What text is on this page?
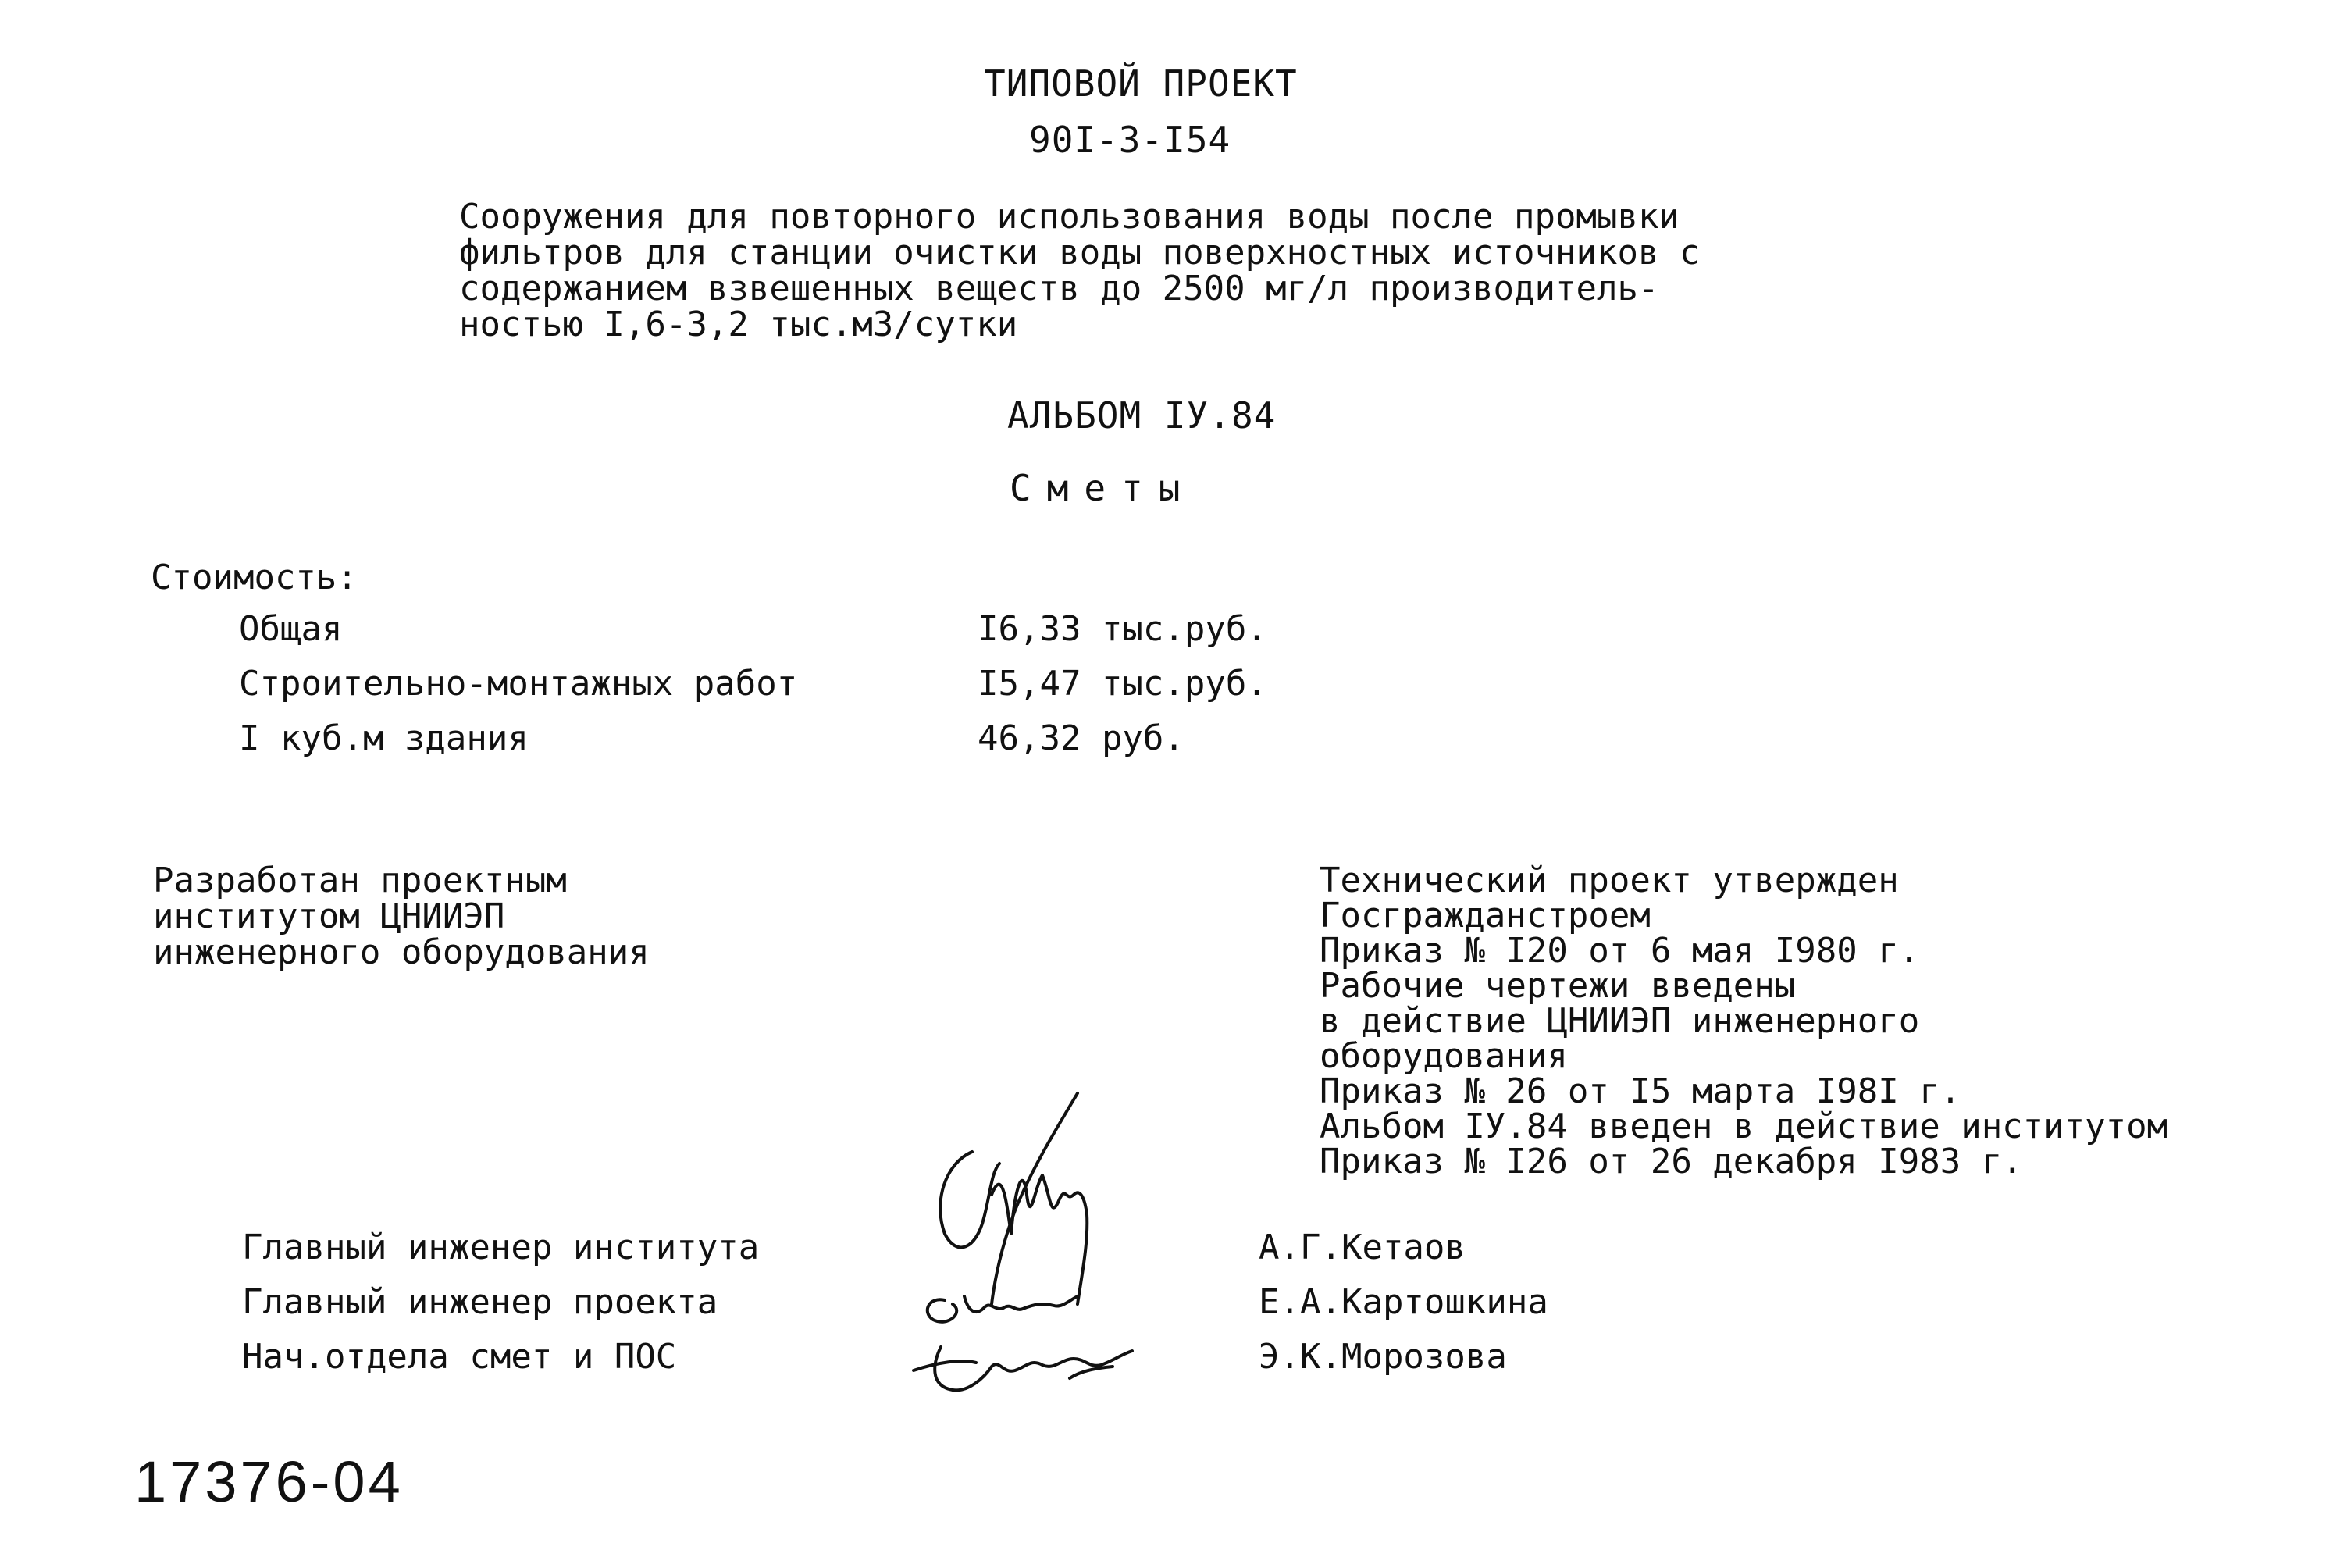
ТИПОВОЙ ПРОЕКТ
90I-3-I54
Сооружения для повторного использования воды после промывки
фильтров для станции очистки воды поверхностных источников с
содержанием взвешенных веществ до 2500 мг/л производитель-
ностью I,6-3,2 тыс.м3/сутки
АЛЬБОМ IУ.84
Сметы
Стоимость:
Общая	I6,33 тыс.руб.
Строительно-монтажных работ	I5,47 тыс.руб.
I куб.м здания	46,32 руб.
Разработан проектным
институтом ЦНИИЭП
инженерного оборудования
Технический проект утвержден
Госгражданстроем
Приказ № I20 от 6 мая I980 г.
Рабочие чертежи введены
в действие ЦНИИЭП инженерного
оборудования
Приказ № 26 от I5 марта I98I г.
Альбом IУ.84 введен в действие институтом
Приказ № I26 от 26 декабря I983 г.
Главный инженер института	А.Г.Кетаов
Главный инженер проекта	Е.А.Картошкина
Нач.отдела смет и ПОС	Э.К.Морозова
17376-04
